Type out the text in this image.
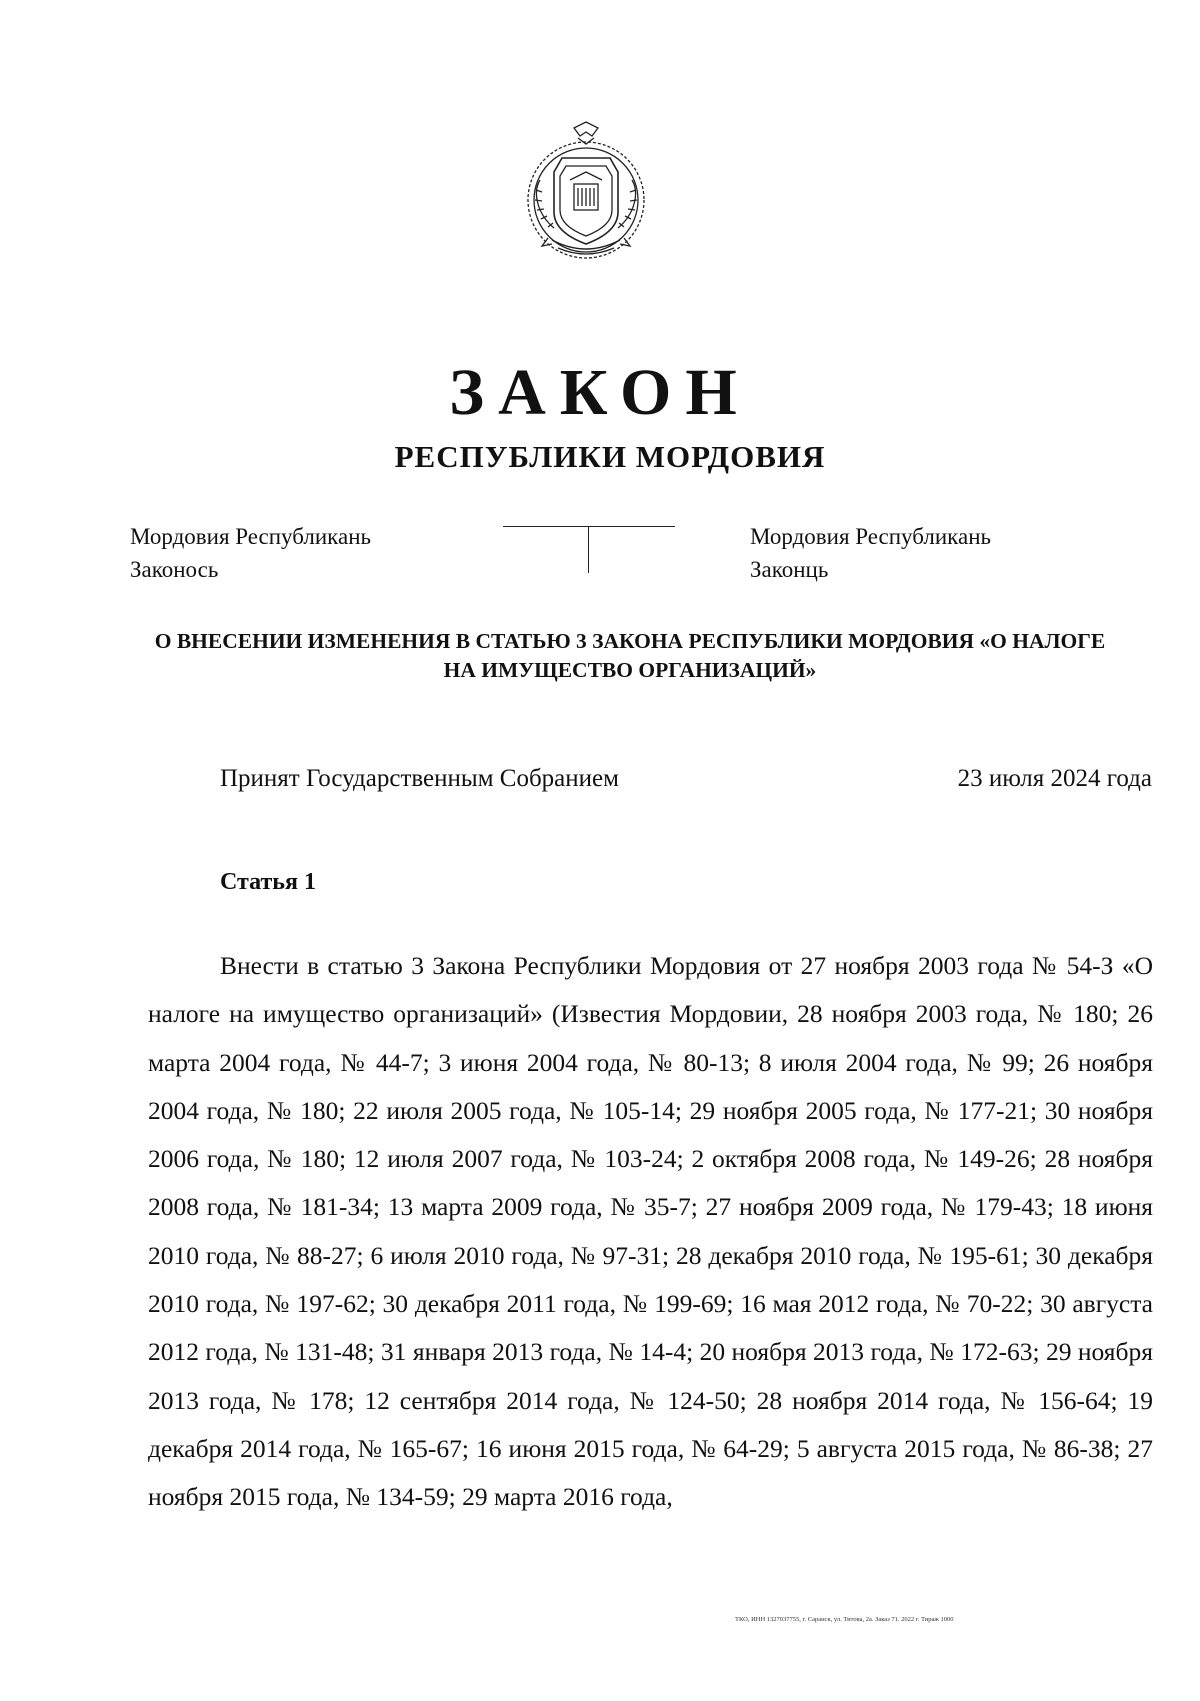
ЗАКОН
РЕСПУБЛИКИ МОРДОВИЯ
Мордовия Республикань
Законось
Мордовия Республикань
Законць
О ВНЕСЕНИИ ИЗМЕНЕНИЯ В СТАТЬЮ 3 ЗАКОНА РЕСПУБЛИКИ МОРДОВИЯ «О НАЛОГЕ НА ИМУЩЕСТВО ОРГАНИЗАЦИЙ»
Принят Государственным Собранием	23 июля 2024 года
Статья 1

Внести в статью 3 Закона Республики Мордовия от 27 ноября 2003 года № 54-З «О налоге на имущество организаций» (Известия Мордовии, 28 ноября 2003 года, № 180; 26 марта 2004 года, № 44-7; 3 июня 2004 года, № 80-13; 8 июля 2004 года, № 99; 26 ноября 2004 года, № 180; 22 июля 2005 года, № 105-14; 29 ноября 2005 года, № 177-21; 30 ноября 2006 года, № 180; 12 июля 2007 года, № 103-24; 2 октября 2008 года, № 149-26; 28 ноября 2008 года, № 181-34; 13 марта 2009 года, № 35-7; 27 ноября 2009 года, № 179-43; 18 июня 2010 года, № 88-27; 6 июля 2010 года, № 97-31; 28 декабря 2010 года, № 195-61; 30 декабря 2010 года, № 197-62; 30 декабря 2011 года, № 199-69; 16 мая 2012 года, № 70-22; 30 августа 2012 года, № 131-48; 31 января 2013 года, № 14-4; 20 ноября 2013 года, № 172-63; 29 ноября 2013 года, № 178; 12 сентября 2014 года, № 124-50; 28 ноября 2014 года, № 156-64; 19 декабря 2014 года, № 165-67; 16 июня 2015 года, № 64-29; 5 августа 2015 года, № 86-38; 27 ноября 2015 года, № 134-59; 29 марта 2016 года,

ТКО, ИНН 1327037755, г. Саранск, ул. Титова, 2а. Заказ 71. 2022 г. Тираж 1000
